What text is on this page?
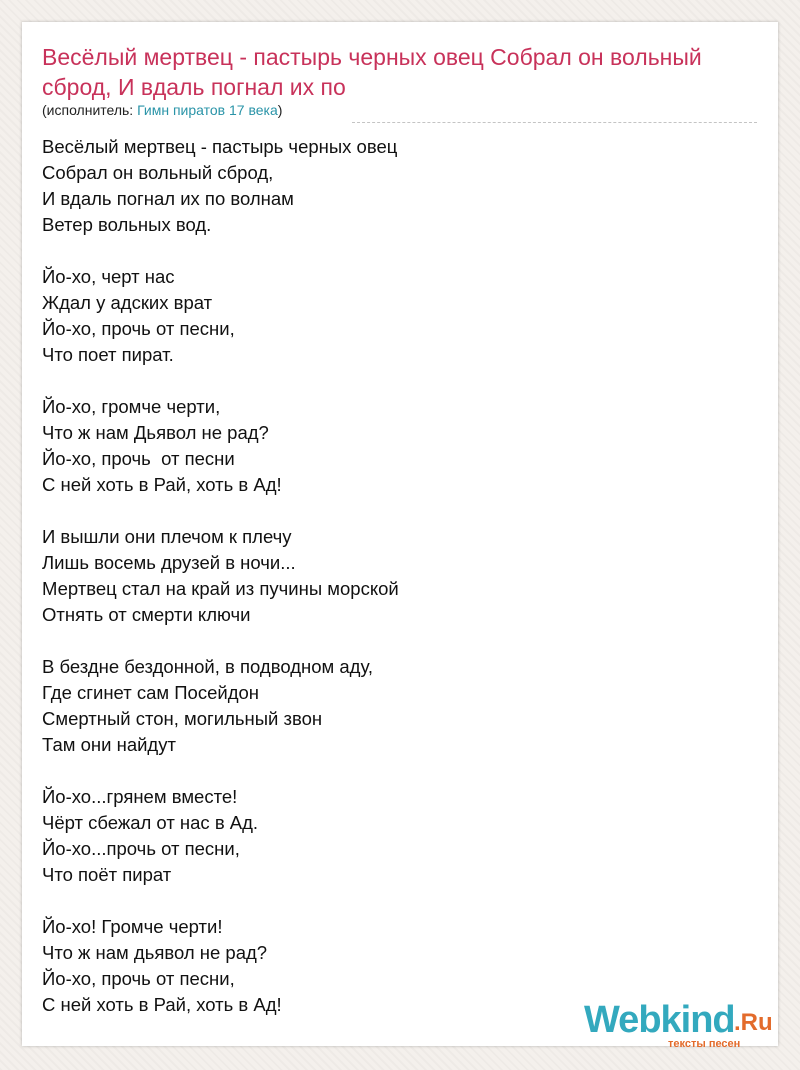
Весёлый мертвец - пастырь черных овец Собрал он вольный сброд, И вдаль погнал их по
(исполнитель: Гимн пиратов 17 века)
Весёлый мертвец - пастырь черных овец
Собрал он вольный сброд,
И вдаль погнал их по волнам
Ветер вольных вод.
Йо-хо, черт нас
Ждал у адских врат
Йо-хо, прочь от песни,
Что поет пират.
Йо-хо, громче черти,
Что ж нам Дьявол не рад?
Йо-хо, прочь  от песни
С ней хоть в Рай, хоть в Ад!
И вышли они плечом к плечу
Лишь восемь друзей в ночи...
Мертвец стал на край из пучины морской
Отнять от смерти ключи
В бездне бездонной, в подводном аду,
Где сгинет сам Посейдон
Смертный стон, могильный звон
Там они найдут
Йо-хо...грянем вместе!
Чёрт сбежал от нас в Ад.
Йо-хо...прочь от песни,
Что поёт пират
Йо-хо! Громче черти!
Что ж нам дьявол не рад?
Йо-хо, прочь от песни,
С ней хоть в Рай, хоть в Ад!	Webkind .Ru
тексты песен
